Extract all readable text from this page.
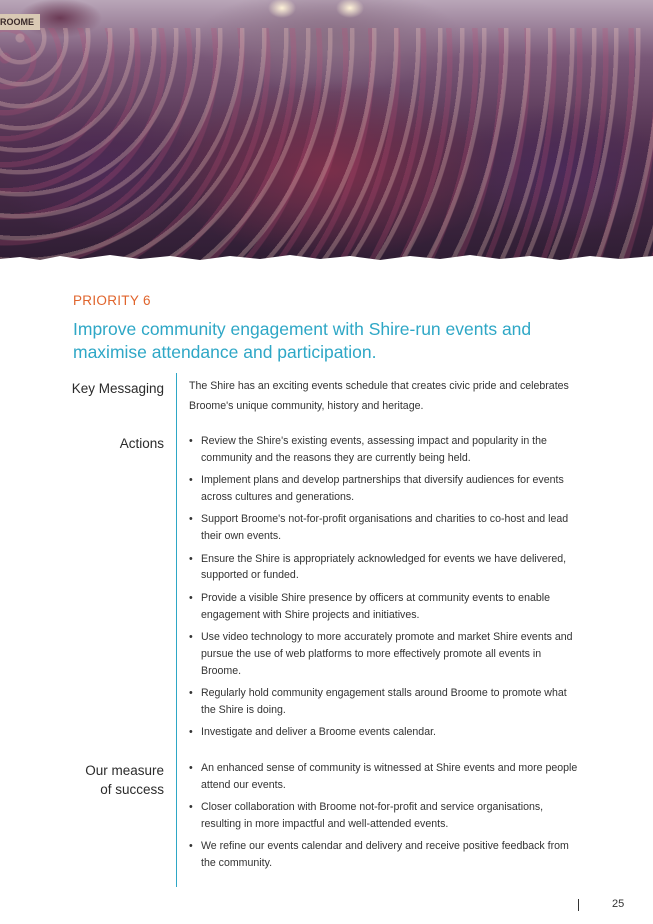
ROOME
PRIORITY 6
Improve community engagement with Shire-run events and maximise attendance and participation.
Key Messaging The Shire has an exciting events schedule that creates civic pride and celebrates Broome's unique community, history and heritage.
Actions
•	Review the Shire's existing events, assessing impact and popularity in the community and the reasons they are currently being held.
• Implement plans and develop partnerships that diversify audiences for events across cultures and generations.
• Support Broome's not-for-profit organisations and charities to co-host and lead their own events.
• Ensure the Shire is appropriately acknowledged for events we have delivered, supported or funded.
• Provide a visible Shire presence by officers at community events to enable engagement with Shire projects and initiatives.
• Use video technology to more accurately promote and market Shire events and pursue the use of web platforms to more effectively promote all events in Broome.
• Regularly hold community engagement stalls around Broome to promote what the Shire is doing.
• Investigate and deliver a Broome events calendar.
Our measure
of success
• An enhanced sense of community is witnessed at Shire events and more people attend our events.
• Closer collaboration with Broome not-for-profit and service organisations, resulting in more impactful and well-attended events.
• We refine our events calendar and delivery and receive positive feedback from the community.
25
